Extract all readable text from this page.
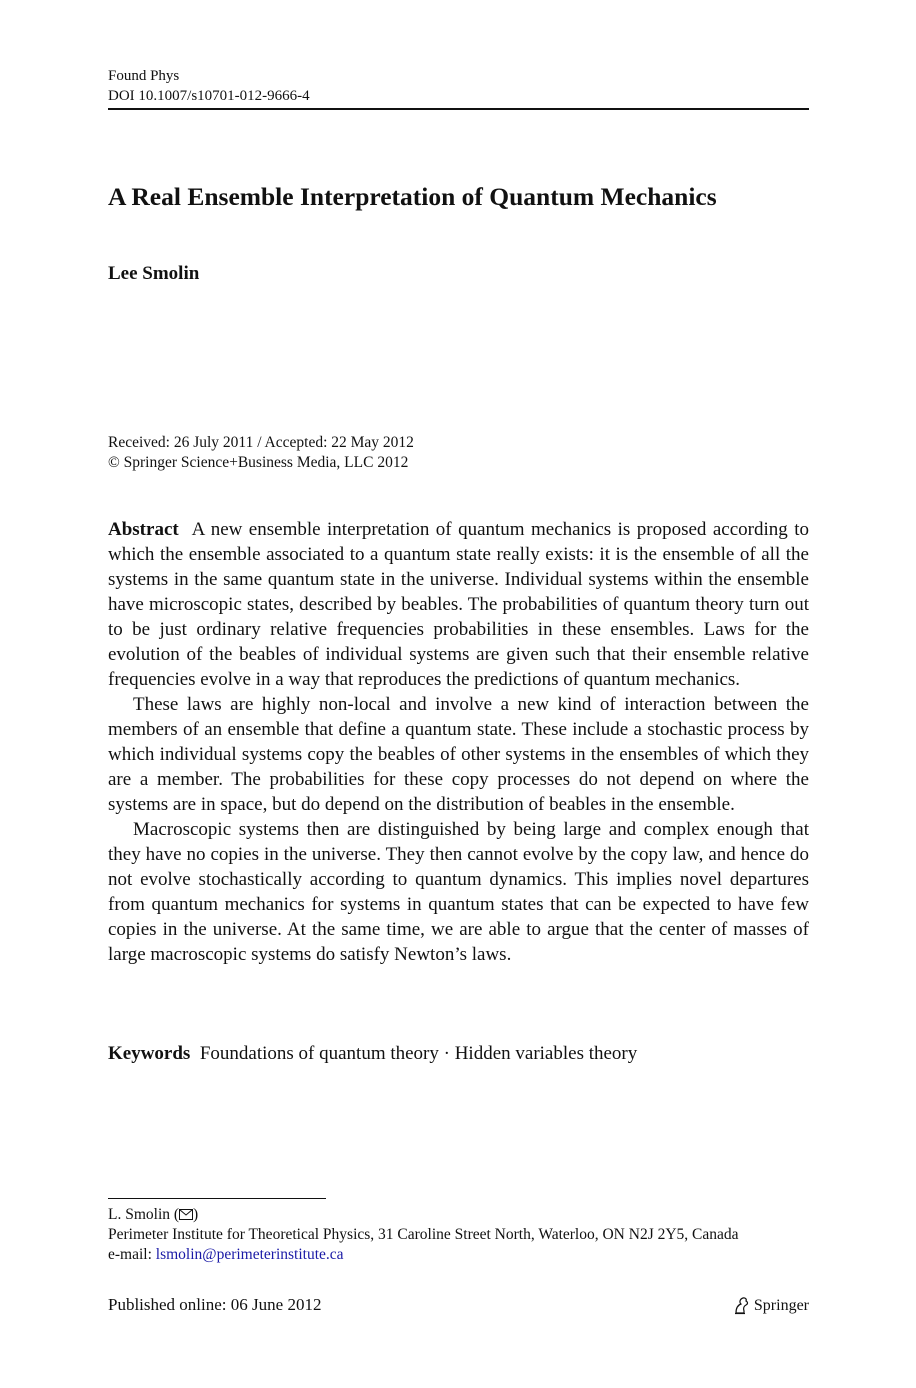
Found Phys
DOI 10.1007/s10701-012-9666-4
A Real Ensemble Interpretation of Quantum Mechanics
Lee Smolin
Received: 26 July 2011 / Accepted: 22 May 2012
© Springer Science+Business Media, LLC 2012

Abstract A new ensemble interpretation of quantum mechanics is proposed according to which the ensemble associated to a quantum state really exists: it is the ensemble of all the systems in the same quantum state in the universe. Individual systems within the ensemble have microscopic states, described by beables. The probabilities of quantum theory turn out to be just ordinary relative frequencies probabilities in these ensembles. Laws for the evolution of the beables of individual systems are given such that their ensemble relative frequencies evolve in a way that reproduces the predictions of quantum mechanics.

These laws are highly non-local and involve a new kind of interaction between the members of an ensemble that define a quantum state. These include a stochastic process by which individual systems copy the beables of other systems in the ensembles of which they are a member. The probabilities for these copy processes do not depend on where the systems are in space, but do depend on the distribution of beables in the ensemble.

Macroscopic systems then are distinguished by being large and complex enough that they have no copies in the universe. They then cannot evolve by the copy law, and hence do not evolve stochastically according to quantum dynamics. This implies novel departures from quantum mechanics for systems in quantum states that can be expected to have few copies in the universe. At the same time, we are able to argue that the center of masses of large macroscopic systems do satisfy Newton’s laws.

Keywords Foundations of quantum theory · Hidden variables theory
L. Smolin ( )
Perimeter Institute for Theoretical Physics, 31 Caroline Street North, Waterloo, ON N2J 2Y5, Canada
e-mail: lsmolin@perimeterinstitute.ca
Published online: 06 June 2012	Springer
